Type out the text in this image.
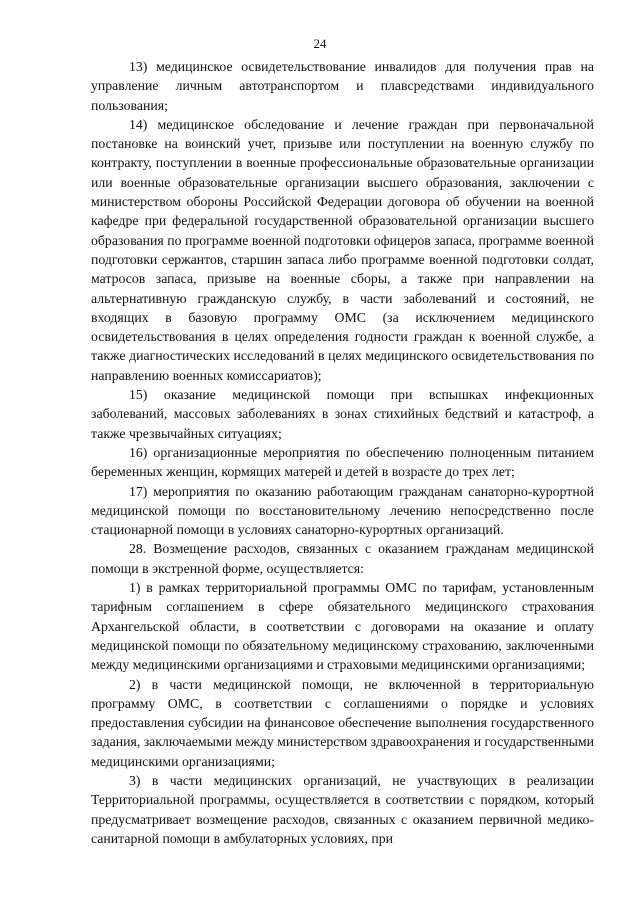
24

13) медицинское освидетельствование инвалидов для получения прав на управление личным автотранспортом и плавсредствами индивидуального пользования;

14) медицинское обследование и лечение граждан при первоначальной постановке на воинский учет, призыве или поступлении на военную службу по контракту, поступлении в военные профессиональные образовательные организации или военные образовательные организации высшего образования, заключении с министерством обороны Российской Федерации договора об обучении на военной кафедре при федеральной государственной образовательной организации высшего образования по программе военной подготовки офицеров запаса, программе военной подготовки сержантов, старшин запаса либо программе военной подготовки солдат, матросов запаса, призыве на военные сборы, а также при направлении на альтернативную гражданскую службу, в части заболеваний и состояний, не входящих в базовую программу ОМС (за исключением медицинского освидетельствования в целях определения годности граждан к военной службе, а также диагностических исследований в целях медицинского освидетельствования по направлению военных комиссариатов);

15) оказание медицинской помощи при вспышках инфекционных заболеваний, массовых заболеваниях в зонах стихийных бедствий и катастроф, а также чрезвычайных ситуациях;

16) организационные мероприятия по обеспечению полноценным питанием беременных женщин, кормящих матерей и детей в возрасте до трех лет;

17) мероприятия по оказанию работающим гражданам санаторно-курортной медицинской помощи по восстановительному лечению непосредственно после стационарной помощи в условиях санаторно-курортных организаций.

28. Возмещение расходов, связанных с оказанием гражданам медицинской помощи в экстренной форме, осуществляется:

1) в рамках территориальной программы ОМС по тарифам, установленным тарифным соглашением в сфере обязательного медицинского страхования Архангельской области, в соответствии с договорами на оказание и оплату медицинской помощи по обязательному медицинскому страхованию, заключенными между медицинскими организациями и страховыми медицинскими организациями;

2) в части медицинской помощи, не включенной в территориальную программу ОМС, в соответствии с соглашениями о порядке и условиях предоставления субсидии на финансовое обеспечение выполнения государственного задания, заключаемыми между министерством здравоохранения и государственными медицинскими организациями;

3) в части медицинских организаций, не участвующих в реализации Территориальной программы, осуществляется в соответствии с порядком, который предусматривает возмещение расходов, связанных с оказанием первичной медико-санитарной помощи в амбулаторных условиях, при
